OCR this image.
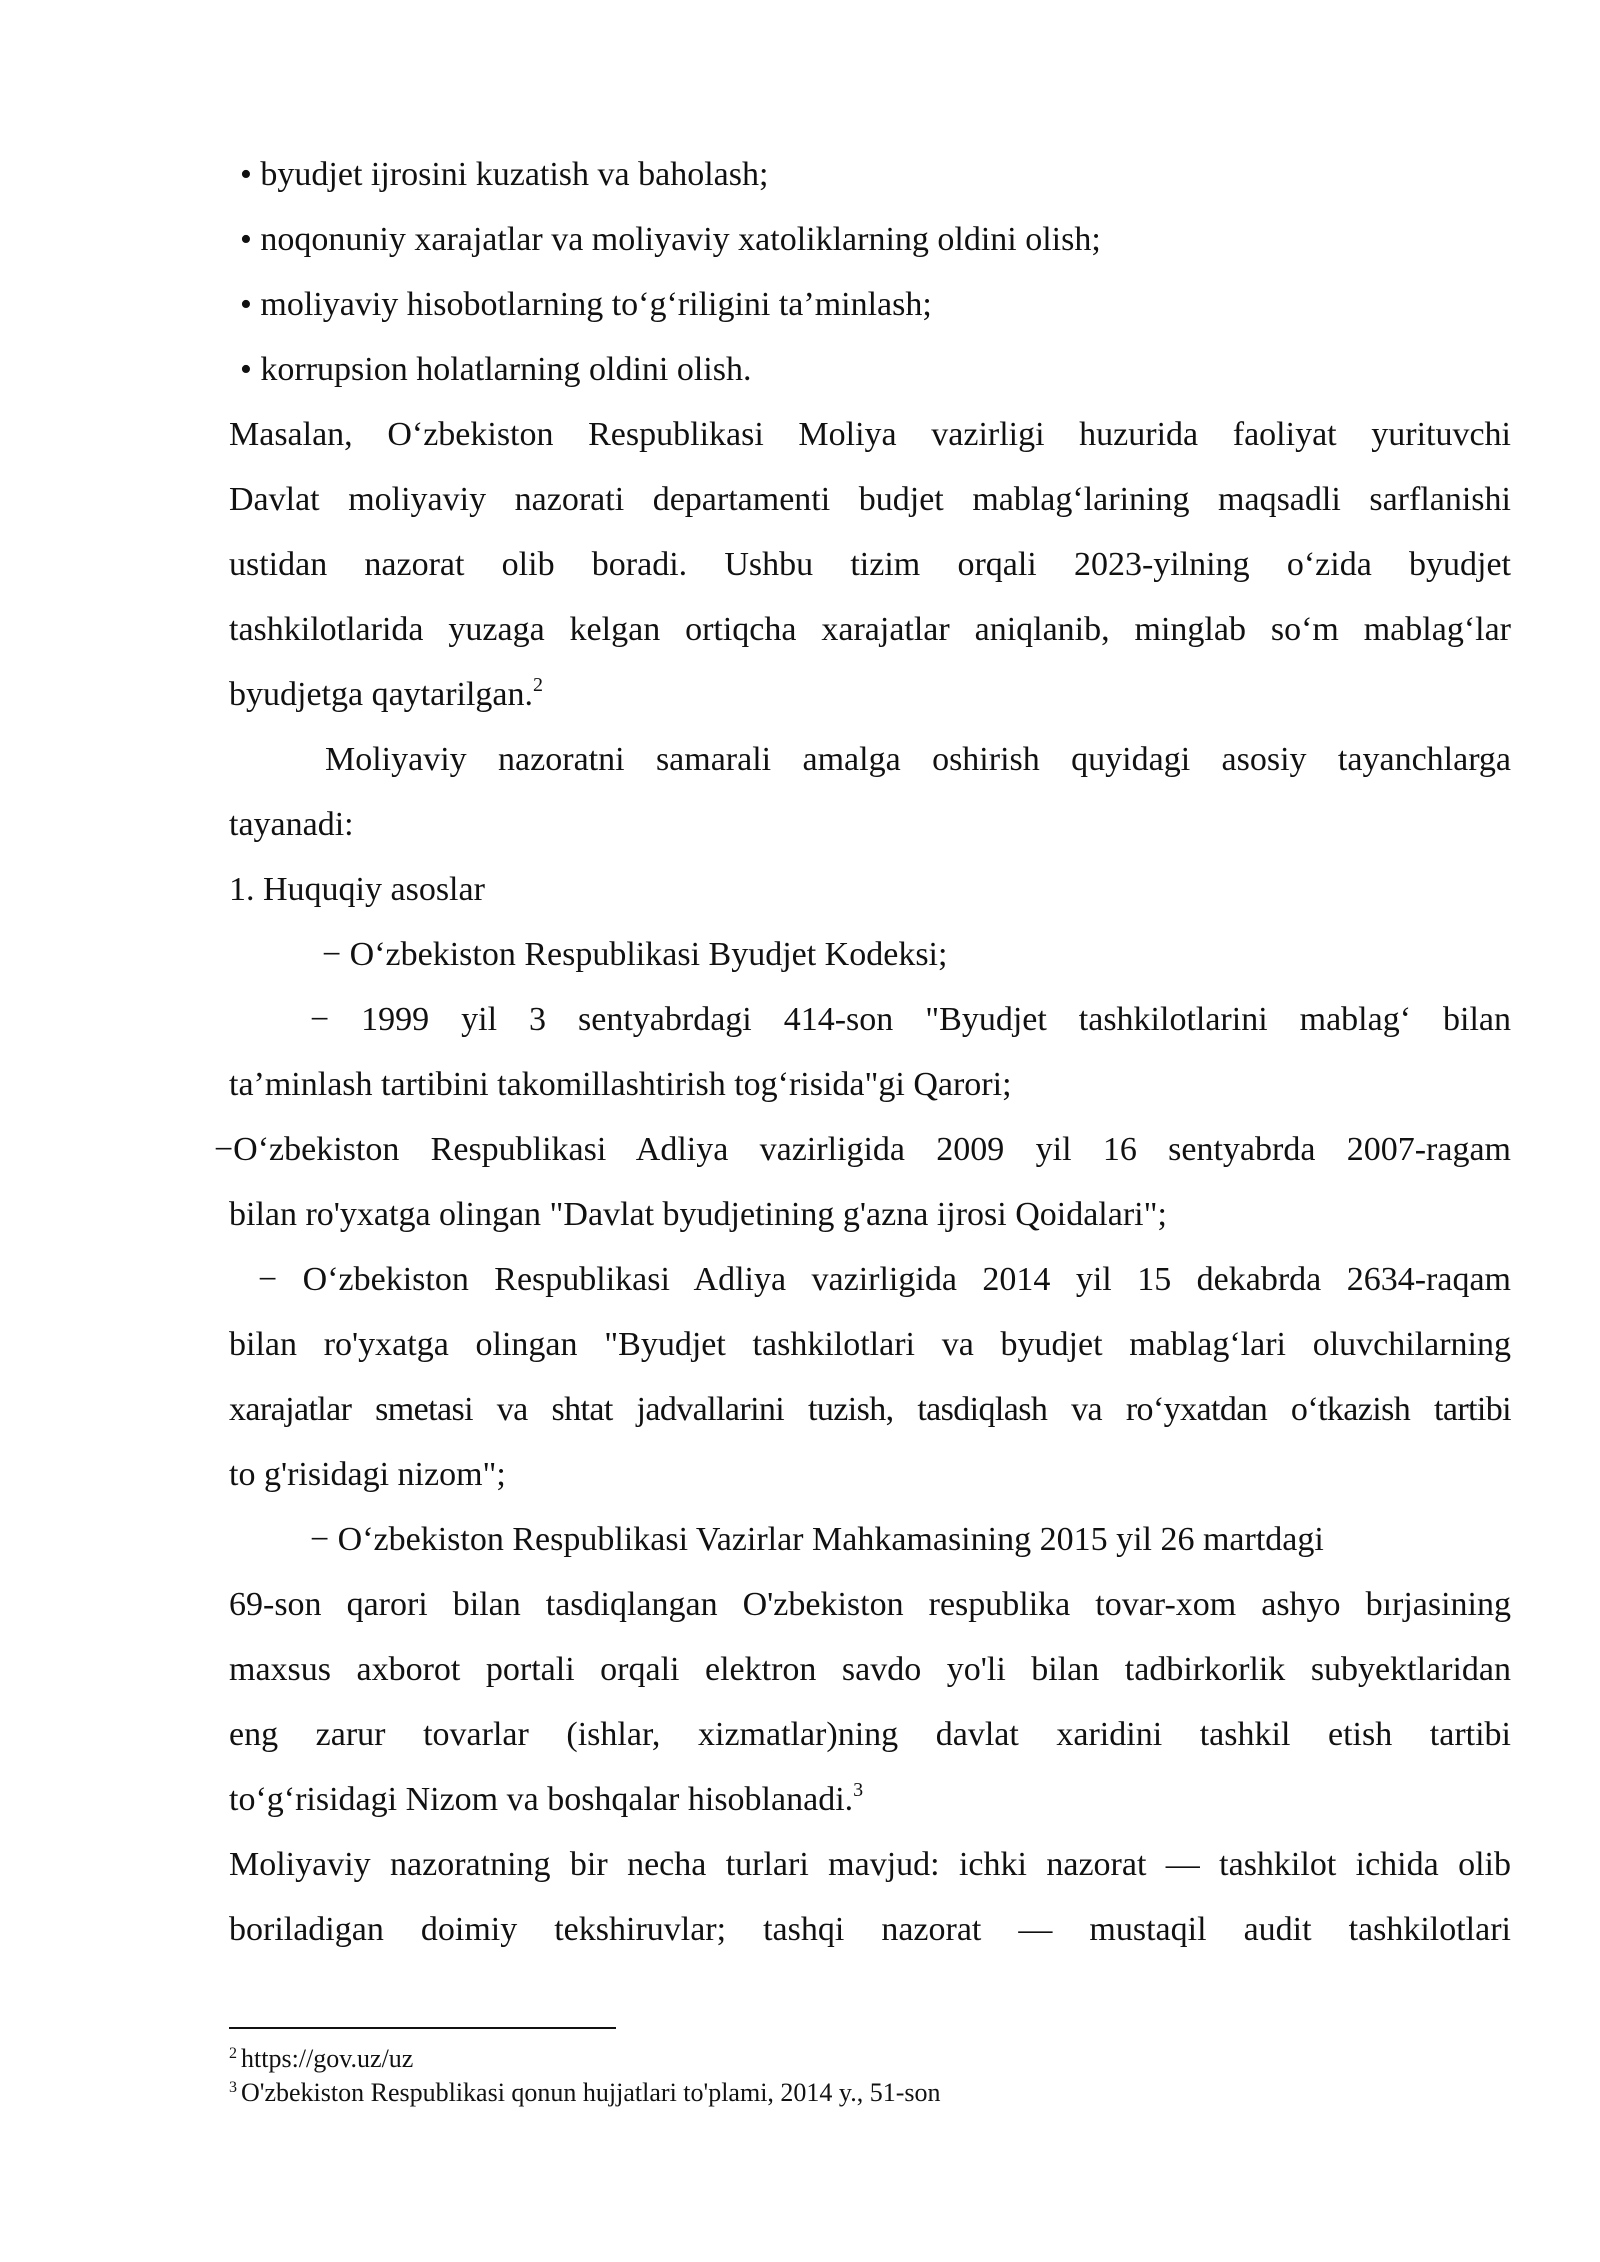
• byudjet ijrosini kuzatish va baholash;
• noqonuniy xarajatlar va moliyaviy xatoliklarning oldini olish;
• moliyaviy hisobotlarning to‘g‘riligini ta’minlash;
• korrupsion holatlarning oldini olish.
Masalan, O‘zbekiston Respublikasi Moliya vazirligi huzurida faoliyat yurituvchi
Davlat moliyaviy nazorati departamenti budjet mablag‘larining maqsadli sarflanishi
ustidan nazorat olib boradi. Ushbu tizim orqali 2023-yilning o‘zida byudjet
tashkilotlarida yuzaga kelgan ortiqcha xarajatlar aniqlanib, minglab so‘m mablag‘lar
byudjetga qaytarilgan.$^2$
Moliyaviy nazoratni samarali amalga oshirish quyidagi asosiy tayanchlarga
tayanadi:
1. Huquqiy asoslar
− O‘zbekiston Respublikasi Byudjet Kodeksi;
− 1999 yil 3 sentyabrdagi 414-son "Byudjet tashkilotlarini mablag‘ bilan
ta’minlash tartibini takomillashtirish tog‘risida"gi Qarori;
−O‘zbekiston Respublikasi Adliya vazirligida 2009 yil 16 sentyabrda 2007-ragam
bilan ro'yxatga olingan "Davlat byudjetining g'azna ijrosi Qoidalari";
− O‘zbekiston Respublikasi Adliya vazirligida 2014 yil 15 dekabrda 2634-raqam
bilan ro'yxatga olingan "Byudjet tashkilotlari va byudjet mablag‘lari oluvchilarning
xarajatlar smetasi va shtat jadvallarini tuzish, tasdiqlash va ro‘yxatdan o‘tkazish tartibi
to g'risidagi nizom";
− O‘zbekiston Respublikasi Vazirlar Mahkamasining 2015 yil 26 martdagi
69-son qarori bilan tasdiqlangan O'zbekiston respublika tovar-xom ashyo bırjasining
maxsus axborot portali orqali elektron savdo yo'li bilan tadbirkorlik subyektlaridan
eng zarur tovarlar (ishlar, xizmatlar)ning davlat xaridini tashkil etish tartibi
to‘g‘risidagi Nizom va boshqalar hisoblanadi.$^3$
Moliyaviy nazoratning bir necha turlari mavjud: ichki nazorat — tashkilot ichida olib
boriladigan doimiy tekshiruvlar; tashqi nazorat — mustaqil audit tashkilotlari
$^2$ https://gov.uz/uz
$^3$ O'zbekiston Respublikasi qonun hujjatlari to'plami, 2014 y., 51-son
